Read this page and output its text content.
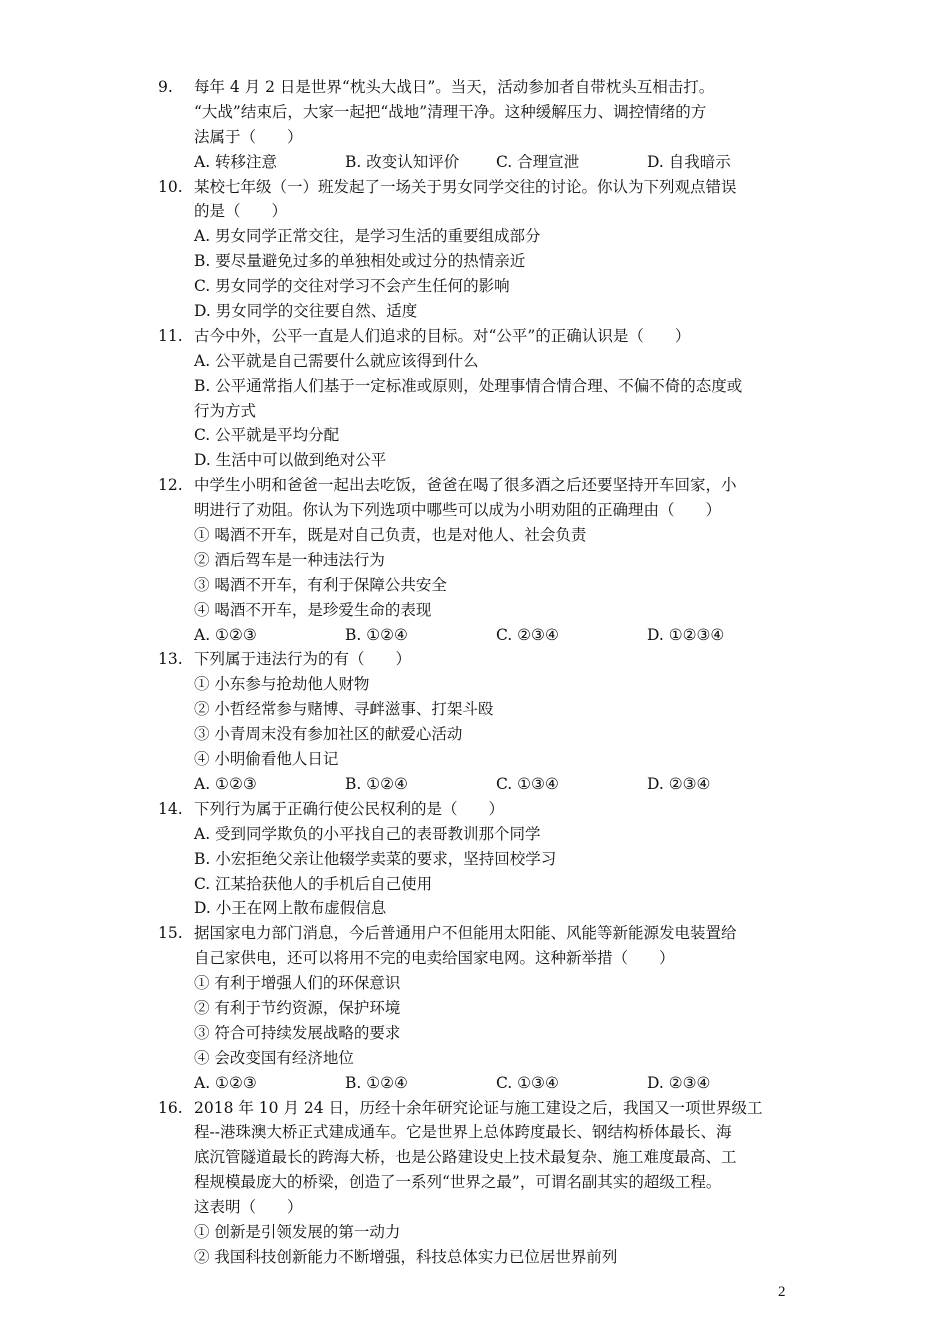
9.	每年 4 月 2 日是世界“枕头大战日”。当天，活动参加者自带枕头互相击打。
“大战”结束后，大家一起把“战地”清理干净。这种缓解压力、调控情绪的方
法属于（　　）
A. 转移注意	B. 改变认知评价	C. 合理宣泄	D. 自我暗示
10. 某校七年级（一）班发起了一场关于男女同学交往的讨论。你认为下列观点错误
的是（　　）
A. 男女同学正常交往，是学习生活的重要组成部分
B. 要尽量避免过多的单独相处或过分的热情亲近
C. 男女同学的交往对学习不会产生任何的影响
D. 男女同学的交往要自然、适度
11. 古今中外，公平一直是人们追求的目标。对“公平”的正确认识是（　　）
A. 公平就是自己需要什么就应该得到什么
B. 公平通常指人们基于一定标准或原则，处理事情合情合理、不偏不倚的态度或
行为方式
C. 公平就是平均分配
D. 生活中可以做到绝对公平
12. 中学生小明和爸爸一起出去吃饭，爸爸在喝了很多酒之后还要坚持开车回家，小
明进行了劝阻。你认为下列选项中哪些可以成为小明劝阻的正确理由（　　）
① 喝酒不开车，既是对自己负责，也是对他人、社会负责
② 酒后驾车是一种违法行为
③ 喝酒不开车，有利于保障公共安全
④ 喝酒不开车，是珍爱生命的表现
A. ①②③	B. ①②④	C. ②③④	D. ①②③④
13. 下列属于违法行为的有（　　）
① 小东参与抢劫他人财物
② 小哲经常参与赌博、寻衅滋事、打架斗殴
③ 小青周末没有参加社区的献爱心活动
④ 小明偷看他人日记
A. ①②③	B. ①②④	C. ①③④	D. ②③④
14. 下列行为属于正确行使公民权利的是（　　）
A. 受到同学欺负的小平找自己的表哥教训那个同学
B. 小宏拒绝父亲让他辍学卖菜的要求，坚持回校学习
C. 江某拾获他人的手机后自己使用
D. 小王在网上散布虚假信息
15. 据国家电力部门消息，今后普通用户不但能用太阳能、风能等新能源发电装置给
自己家供电，还可以将用不完的电卖给国家电网。这种新举措（　　）
① 有利于增强人们的环保意识
② 有利于节约资源，保护环境
③ 符合可持续发展战略的要求
④ 会改变国有经济地位
A. ①②③	B. ①②④	C. ①③④	D. ②③④
16. 2018 年 10 月 24 日，历经十余年研究论证与施工建设之后，我国又一项世界级工
程--港珠澳大桥正式建成通车。它是世界上总体跨度最长、钢结构桥体最长、海
底沉管隧道最长的跨海大桥，也是公路建设史上技术最复杂、施工难度最高、工
程规模最庞大的桥梁，创造了一系列“世界之最”，可谓名副其实的超级工程。
这表明（　　）
① 创新是引领发展的第一动力
② 我国科技创新能力不断增强，科技总体实力已位居世界前列
2
